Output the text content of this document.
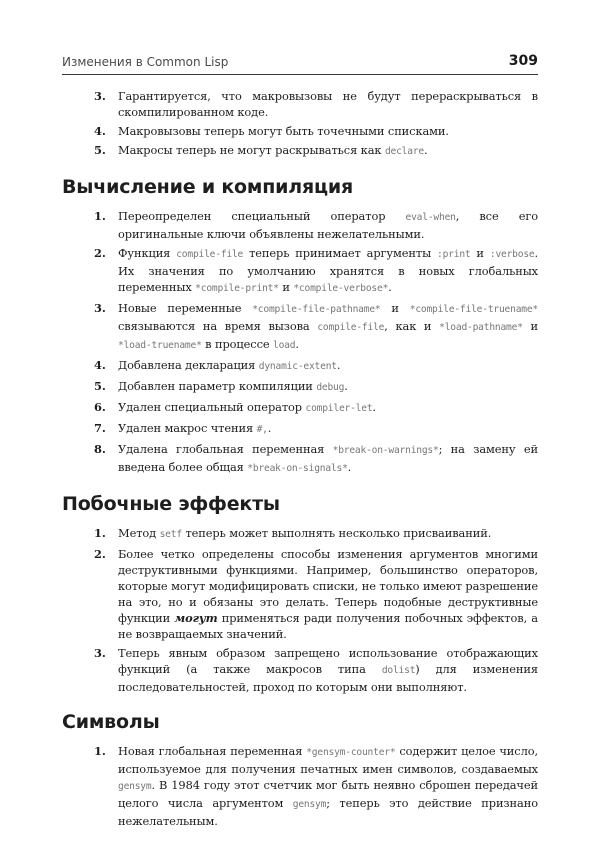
Изменения в Common Lisp	309
3. Гарантируется, что макровызовы не будут перераскрываться в скомпилированном коде.
4. Макровызовы теперь могут быть точечными списками.
5. Макросы теперь не могут раскрываться как declare.
Вычисление и компиляция
1. Переопределен специальный оператор eval-when, все его оригинальные ключи объявлены нежелательными.
2. Функция compile-file теперь принимает аргументы :print и :verbose. Их значения по умолчанию хранятся в новых глобальных переменных *compile-print* и *compile-verbose*.
3. Новые переменные *compile-file-pathname* и *compile-file-truename* связываются на время вызова compile-file, как и *load-pathname* и *load-truename* в процессе load.
4. Добавлена декларация dynamic-extent.
5. Добавлен параметр компиляции debug.
6. Удален специальный оператор compiler-let.
7. Удален макрос чтения #,.
8. Удалена глобальная переменная *break-on-warnings*; на замену ей введена более общая *break-on-signals*.
Побочные эффекты
1. Метод setf теперь может выполнять несколько присваиваний.
2. Более четко определены способы изменения аргументов многими деструктивными функциями. Например, большинство операторов, которые могут модифицировать списки, не только имеют разрешение на это, но и обязаны это делать. Теперь подобные деструктивные функции могут применяться ради получения побочных эффектов, а не возвращаемых значений.
3. Теперь явным образом запрещено использование отображающих функций (а также макросов типа dolist) для изменения последовательностей, проход по которым они выполняют.
Символы
1. Новая глобальная переменная *gensym-counter* содержит целое число, используемое для получения печатных имен символов, создаваемых gensym. В 1984 году этот счетчик мог быть неявно сброшен передачей целого числа аргументом gensym; теперь это действие признано нежелательным.
